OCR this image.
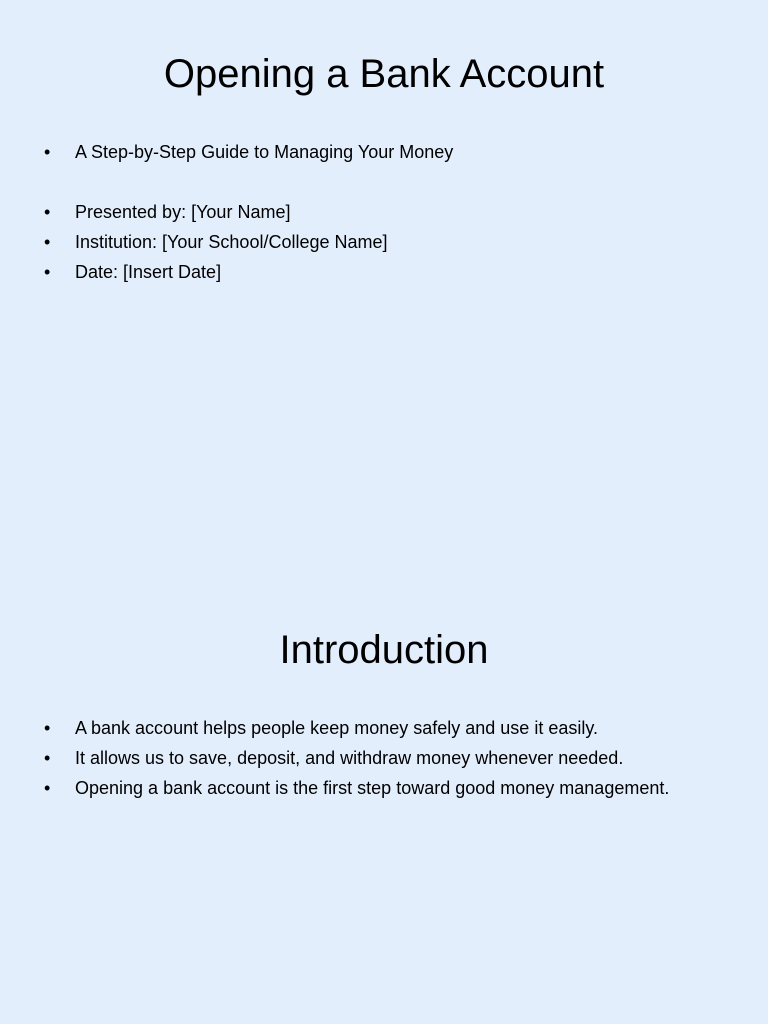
Opening a Bank Account
•	A Step-by-Step Guide to Managing Your Money
•	Presented by: [Your Name]
•	Institution: [Your School/College Name]
•	Date: [Insert Date]
Introduction
•	A bank account helps people keep money safely and use it easily.
•	It allows us to save, deposit, and withdraw money whenever needed.
•	Opening a bank account is the first step toward good money management.
